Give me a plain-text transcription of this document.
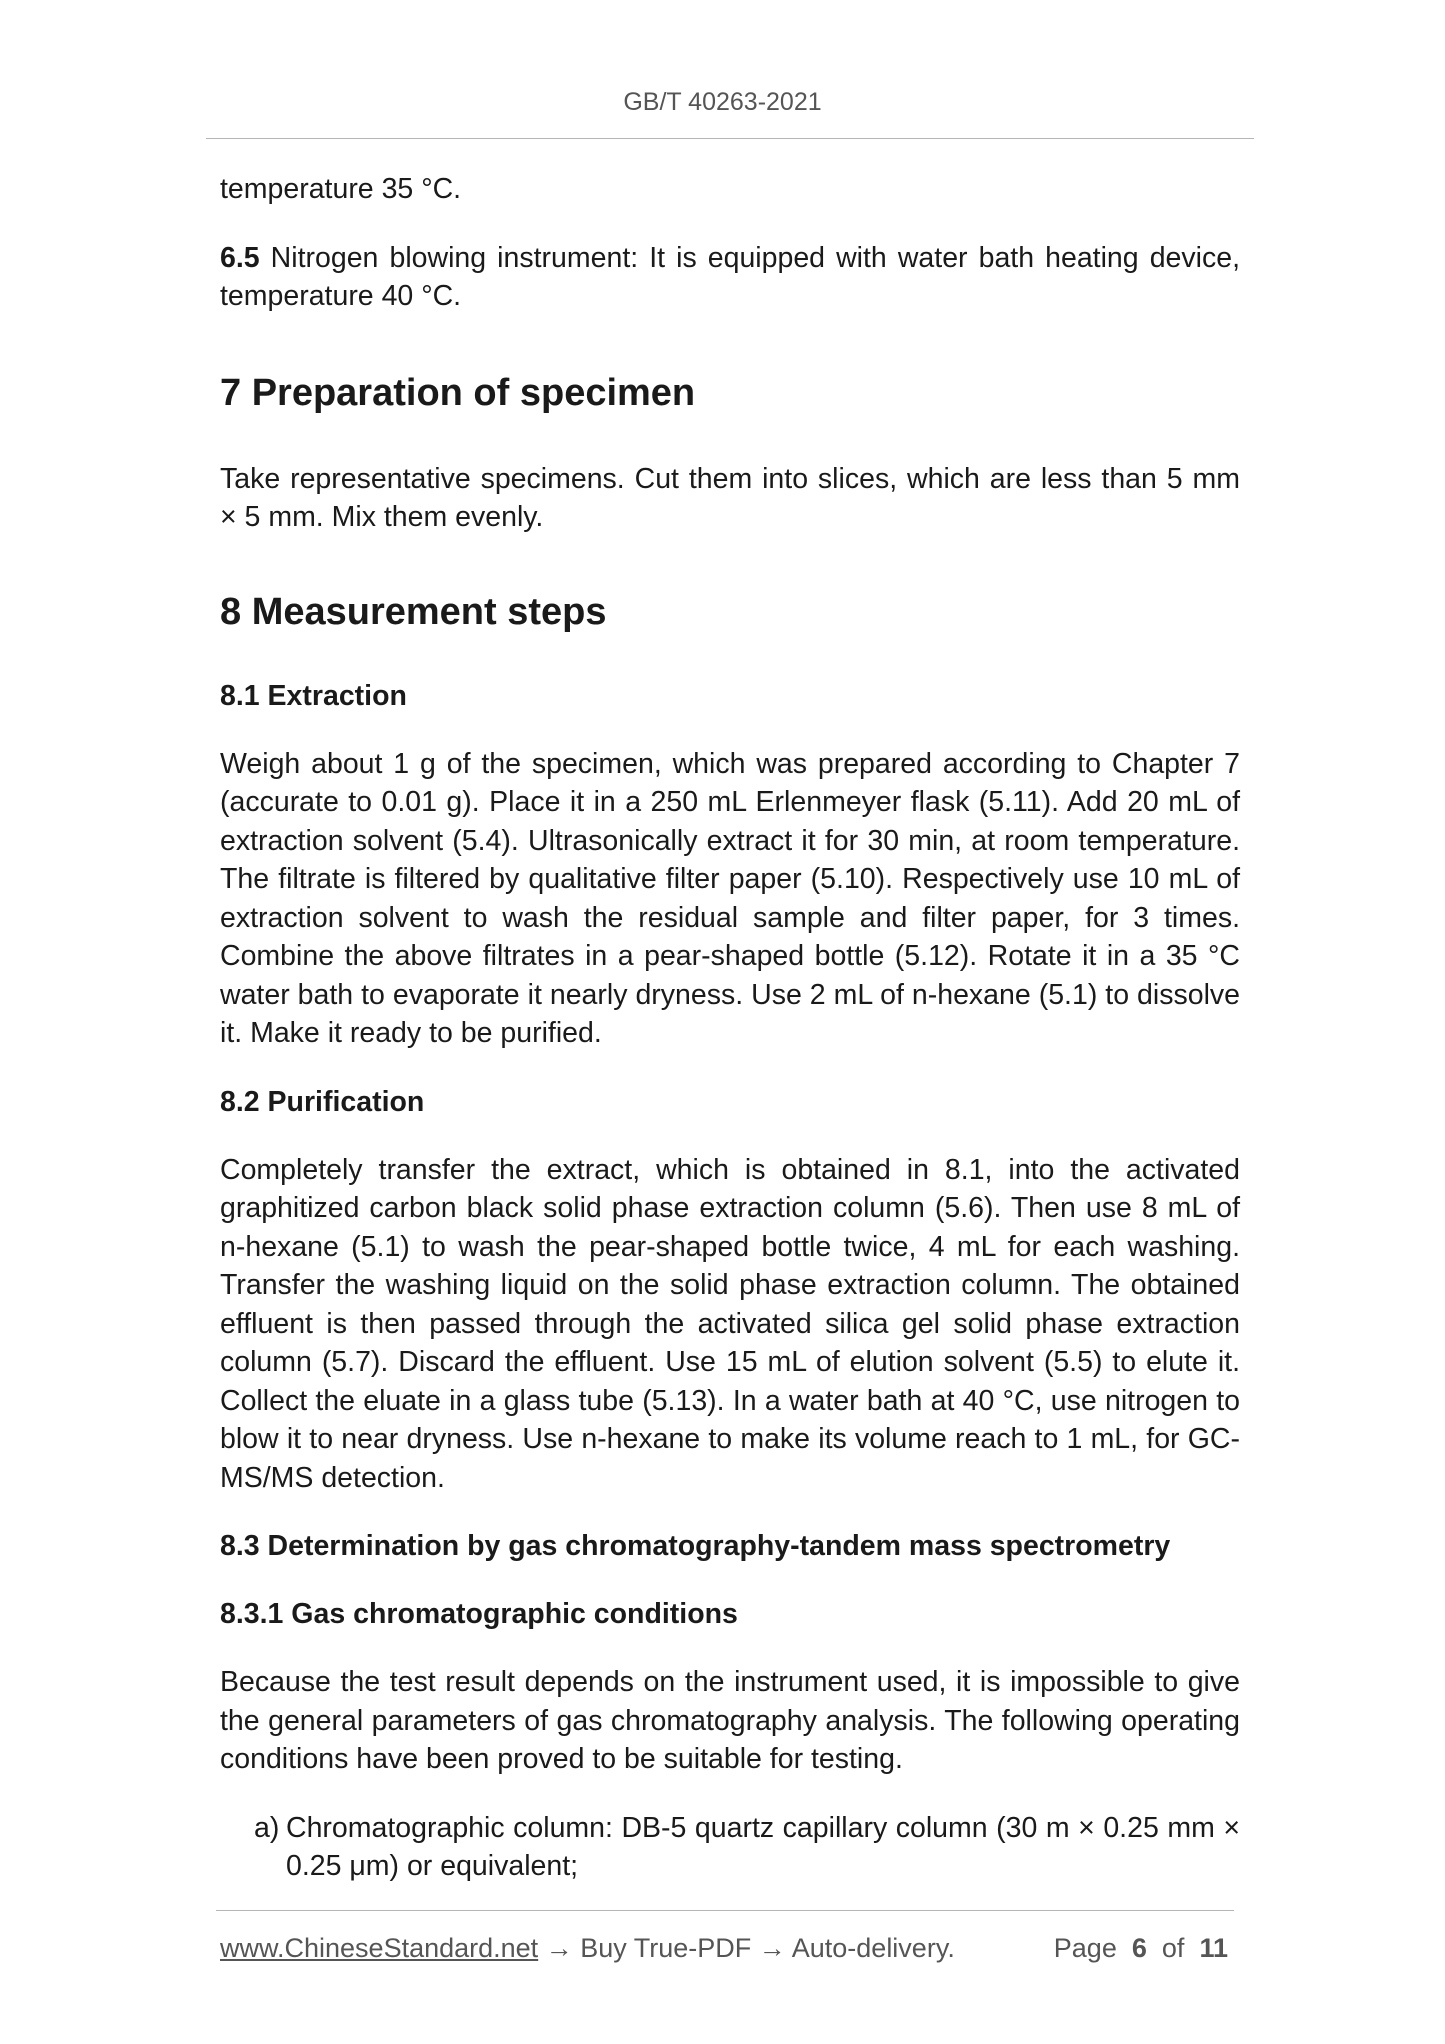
GB/T 40263-2021

temperature 35 °C.

6.5 Nitrogen blowing instrument: It is equipped with water bath heating device, temperature 40 °C.

7 Preparation of specimen

Take representative specimens. Cut them into slices, which are less than 5 mm × 5 mm. Mix them evenly.

8 Measurement steps
8.1 Extraction

Weigh about 1 g of the specimen, which was prepared according to Chapter 7 (accurate to 0.01 g). Place it in a 250 mL Erlenmeyer flask (5.11). Add 20 mL of extraction solvent (5.4). Ultrasonically extract it for 30 min, at room temperature. The filtrate is filtered by qualitative filter paper (5.10). Respectively use 10 mL of extraction solvent to wash the residual sample and filter paper, for 3 times. Combine the above filtrates in a pear-shaped bottle (5.12). Rotate it in a 35 °C water bath to evaporate it nearly dryness. Use 2 mL of n-hexane (5.1) to dissolve it. Make it ready to be purified.

8.2 Purification

Completely transfer the extract, which is obtained in 8.1, into the activated graphitized carbon black solid phase extraction column (5.6). Then use 8 mL of n-hexane (5.1) to wash the pear-shaped bottle twice, 4 mL for each washing. Transfer the washing liquid on the solid phase extraction column. The obtained effluent is then passed through the activated silica gel solid phase extraction column (5.7). Discard the effluent. Use 15 mL of elution solvent (5.5) to elute it. Collect the eluate in a glass tube (5.13). In a water bath at 40 °C, use nitrogen to blow it to near dryness. Use n-hexane to make its volume reach to 1 mL, for GC-MS/MS detection.

8.3 Determination by gas chromatography-tandem mass spectrometry
8.3.1 Gas chromatographic conditions

Because the test result depends on the instrument used, it is impossible to give the general parameters of gas chromatography analysis. The following operating conditions have been proved to be suitable for testing.

a) Chromatographic column: DB-5 quartz capillary column (30 m × 0.25 mm × 0.25 μm) or equivalent;
www.ChineseStandard.net → Buy True-PDF → Auto-delivery.	Page 6 of 11
